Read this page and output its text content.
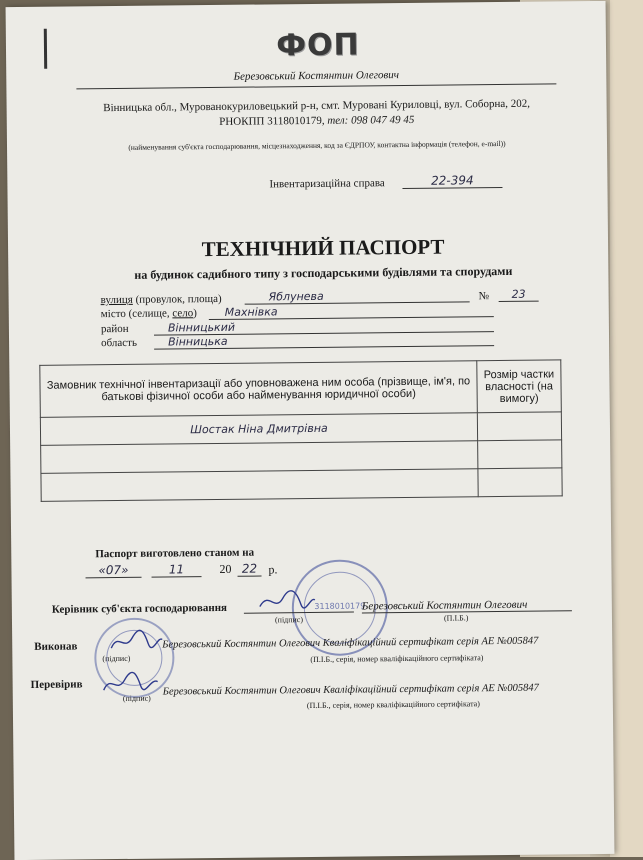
ФОП
Березовський Костянтин Олегович
Вінницька обл., Мурованокуриловецький р-н, смт. Муровані Куриловці, вул. Соборна, 202,
РНОКПП 3118010179, тел: 098 047 49 45
(найменування суб'єкта господарювання, місцезнаходження, код за ЄДРПОУ, контактна інформація (телефон, e-mail))
Інвентаризаційна справа	22-394
ТЕХНІЧНИЙ ПАСПОРТ
на будинок садибного типу з господарськими будівлями та спорудами
вулиця (провулок, площа)	Яблунева	№	23
місто (селище, село)	Махнівка
район	Вінницький
область	Вінницька
Замовник технічної інвентаризації або уповноважена ним особа (прізвище, ім'я, по батькові фізичної особи або найменування юридичної особи)	Розмір частки власності (на вимогу)
Шостак Ніна Дмитрівна	

Паспорт виготовлено станом на
«07»	11	20 22 р.
3118010179
Керівник суб'єкта господарювання
(підпис)
Березовський Костянтин Олегович
(П.І.Б.)
Виконав
(підпис)
Березовський Костянтин Олегович Кваліфікаційний сертифікат серія АЕ №005847
(П.І.Б., серія, номер кваліфікаційного сертифіката)
Перевірив
(підпис)
Березовський Костянтин Олегович Кваліфікаційний сертифікат серія АЕ №005847
(П.І.Б., серія, номер кваліфікаційного сертифіката)
